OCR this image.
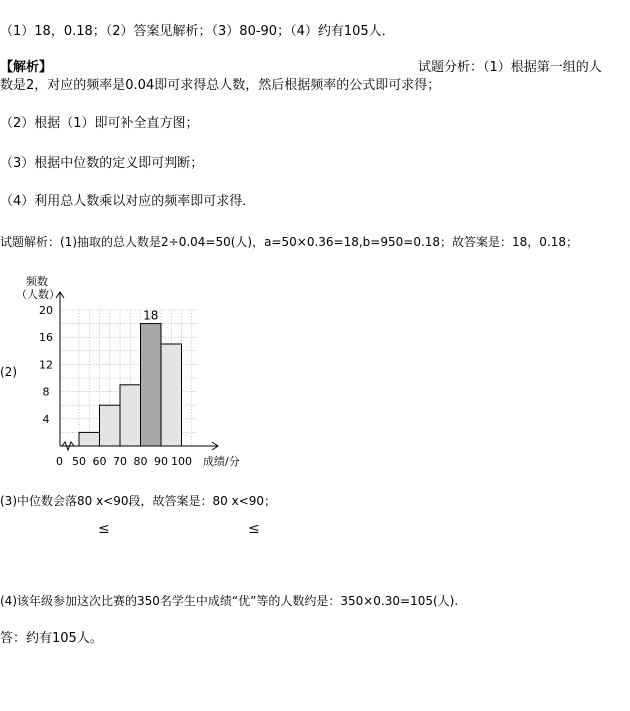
（1）18，0.18；（2）答案见解析；（3）80-90；（4）约有105人．
【解析】	试题分析：（1）根据第一组的人
数是2，对应的频率是0.04即可求得总人数，然后根据频率的公式即可求得；
（2）根据（1）即可补全直方图；
（3）根据中位数的定义即可判断；
（4）利用总人数乘以对应的频率即可求得．
试题解析：(1)抽取的总人数是2÷0.04=50(人)，a=50×0.36=18,b=950=0.18；故答案是：18，0.18；
(2)
频数
（人数）
18
4
8
12
16
20
50 60 70 80 90 100
0	成绩/分
(3)中位数会落80 x<90段，故答案是：80 x<90；
≤	≤
(4)该年级参加这次比赛的350名学生中成绩“优”等的人数约是：350×0.30=105(人).
答：约有105人。
